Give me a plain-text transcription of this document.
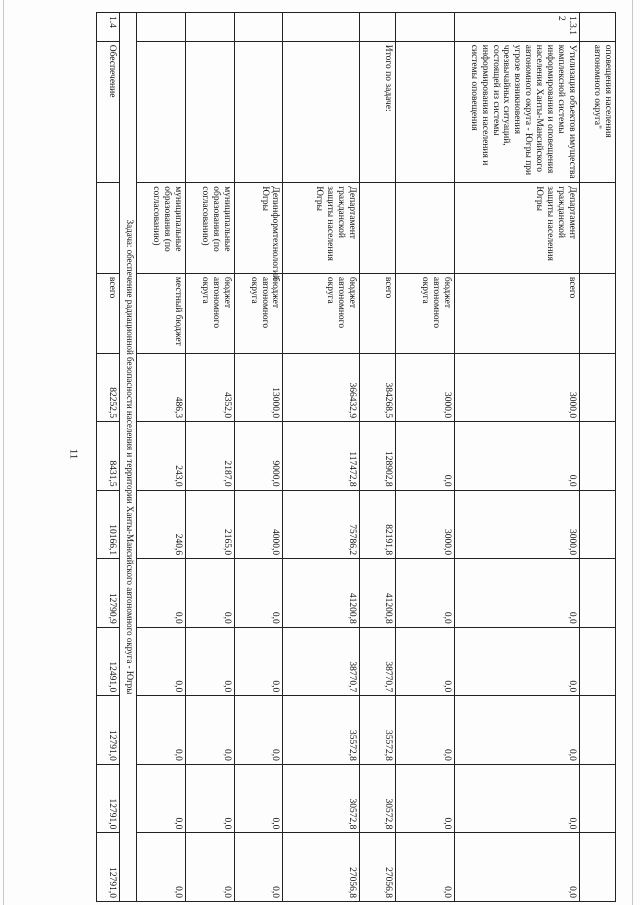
11
	оповещения населения автономного округа"										
1.3.1 2	Утилизация объектов имущества комплексной системы информирования и оповещения населения Ханты-Мансийского автономного округа - Югры при угрозе возникновения чрезвычайных ситуаций, состоящей из системы информирования населения и системы оповещения	Департамент гражданской защиты населения Югры	всего	3000,0	0,0	3000,0	0,0	0,0	0,0	0,0	0,0
			бюджет автономного округа	3000,0	0,0	3000,0	0,0	0,0	0,0	0,0	0,0
	Итого по задаче:		всего	384268,5	128902,8	82191,8	41200,8	38770,7	35572,8	30572,8	27056,8
		Департамент гражданской защиты населения Югры	бюджет автономного округа	366432,9	117472,8	75786,2	41200,8	38770,7	35572,8	30572,8	27056,8
		Депинформтехнологий Югры	бюджет автономного округа	13000,0	9000,0	4000,0	0,0	0,0	0,0	0,0	0,0
		муниципальные образования (по согласованию)	бюджет автономного округа	4352,0	2187,0	2165,0	0,0	0,0	0,0	0,0	0,0
		муниципальные образования (по согласованию)	местный бюджет	486,3	243,0	240,6	0,0	0,0	0,0	0,0	0,0
Задача: обеспечение радиационной безопасности населения и территории Ханты-Мансийского автономного округа - Югры											
1.4	Обеспечение		всего	82252,5	8431,5	10166,1	12790,9	12491,0	12791,0	12791,0	12791,0
